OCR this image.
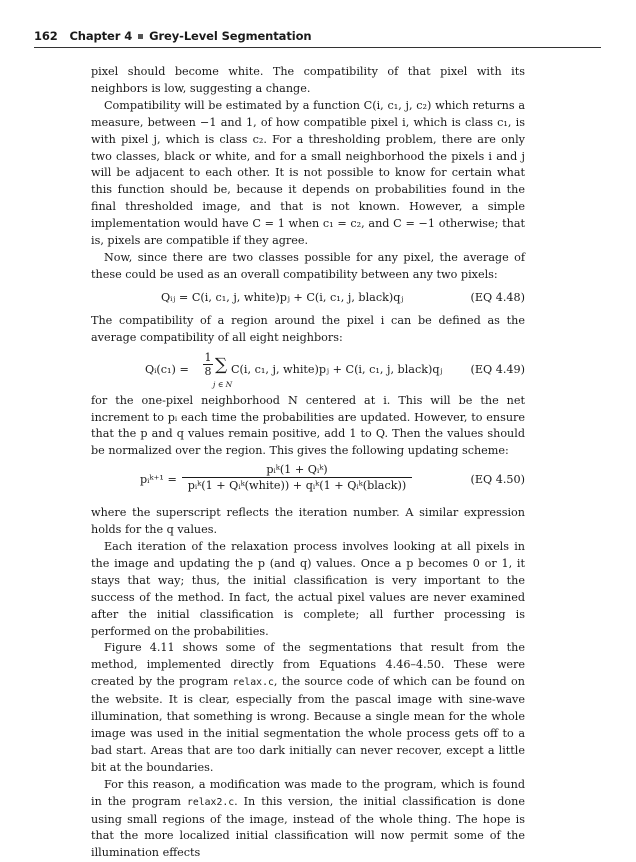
162 Chapter 4 Grey-Level Segmentation

pixel should become white. The compatibility of that pixel with its neighbors is low, suggesting a change.

Compatibility will be estimated by a function C(i, c₁, j, c₂) which returns a measure, between −1 and 1, of how compatible pixel i, which is class c₁, is with pixel j, which is class c₂. For a thresholding problem, there are only two classes, black or white, and for a small neighborhood the pixels i and j will be adjacent to each other. It is not possible to know for certain what this function should be, because it depends on probabilities found in the final thresholded image, and that is not known. However, a simple implementation would have C = 1 when c₁ = c₂, and C = −1 otherwise; that is, pixels are compatible if they agree.

Now, since there are two classes possible for any pixel, the average of these could be used as an overall compatibility between any two pixels:

Qᵢⱼ = C(i, c₁, j, white)pⱼ + C(i, c₁, j, black)qⱼ	(EQ 4.48)

The compatibility of a region around the pixel i can be defined as the average compatibility of all eight neighbors:

Qᵢ(c₁) =
1
8 ∑
j ∈ N
C(i, c₁, j, white)pⱼ + C(i, c₁, j, black)qⱼ (EQ 4.49)

for the one-pixel neighborhood N centered at i. This will be the net increment to pᵢ each time the probabilities are updated. However, to ensure that the p and q values remain positive, add 1 to Q. Then the values should be normalized over the region. This gives the following updating scheme:

pᵢᵏ⁺¹ =
pᵢᵏ(1 + Qᵢᵏ)
pᵢᵏ(1 + Qᵢᵏ(white)) + qᵢᵏ(1 + Qᵢᵏ(black))	(EQ 4.50)

where the superscript reflects the iteration number. A similar expression holds for the q values.

Each iteration of the relaxation process involves looking at all pixels in the image and updating the p (and q) values. Once a p becomes 0 or 1, it stays that way; thus, the initial classification is very important to the success of the method. In fact, the actual pixel values are never examined after the initial classification is complete; all further processing is performed on the probabilities.

Figure 4.11 shows some of the segmentations that result from the method, implemented directly from Equations 4.46–4.50. These were created by the program relax.c, the source code of which can be found on the website. It is clear, especially from the pascal image with sine-wave illumination, that something is wrong. Because a single mean for the whole image was used in the initial segmentation the whole process gets off to a bad start. Areas that are too dark initially can never recover, except a little bit at the boundaries.

For this reason, a modification was made to the program, which is found in the program relax2.c. In this version, the initial classification is done using small regions of the image, instead of the whole thing. The hope is that the more localized initial classification will now permit some of the illumination effects
